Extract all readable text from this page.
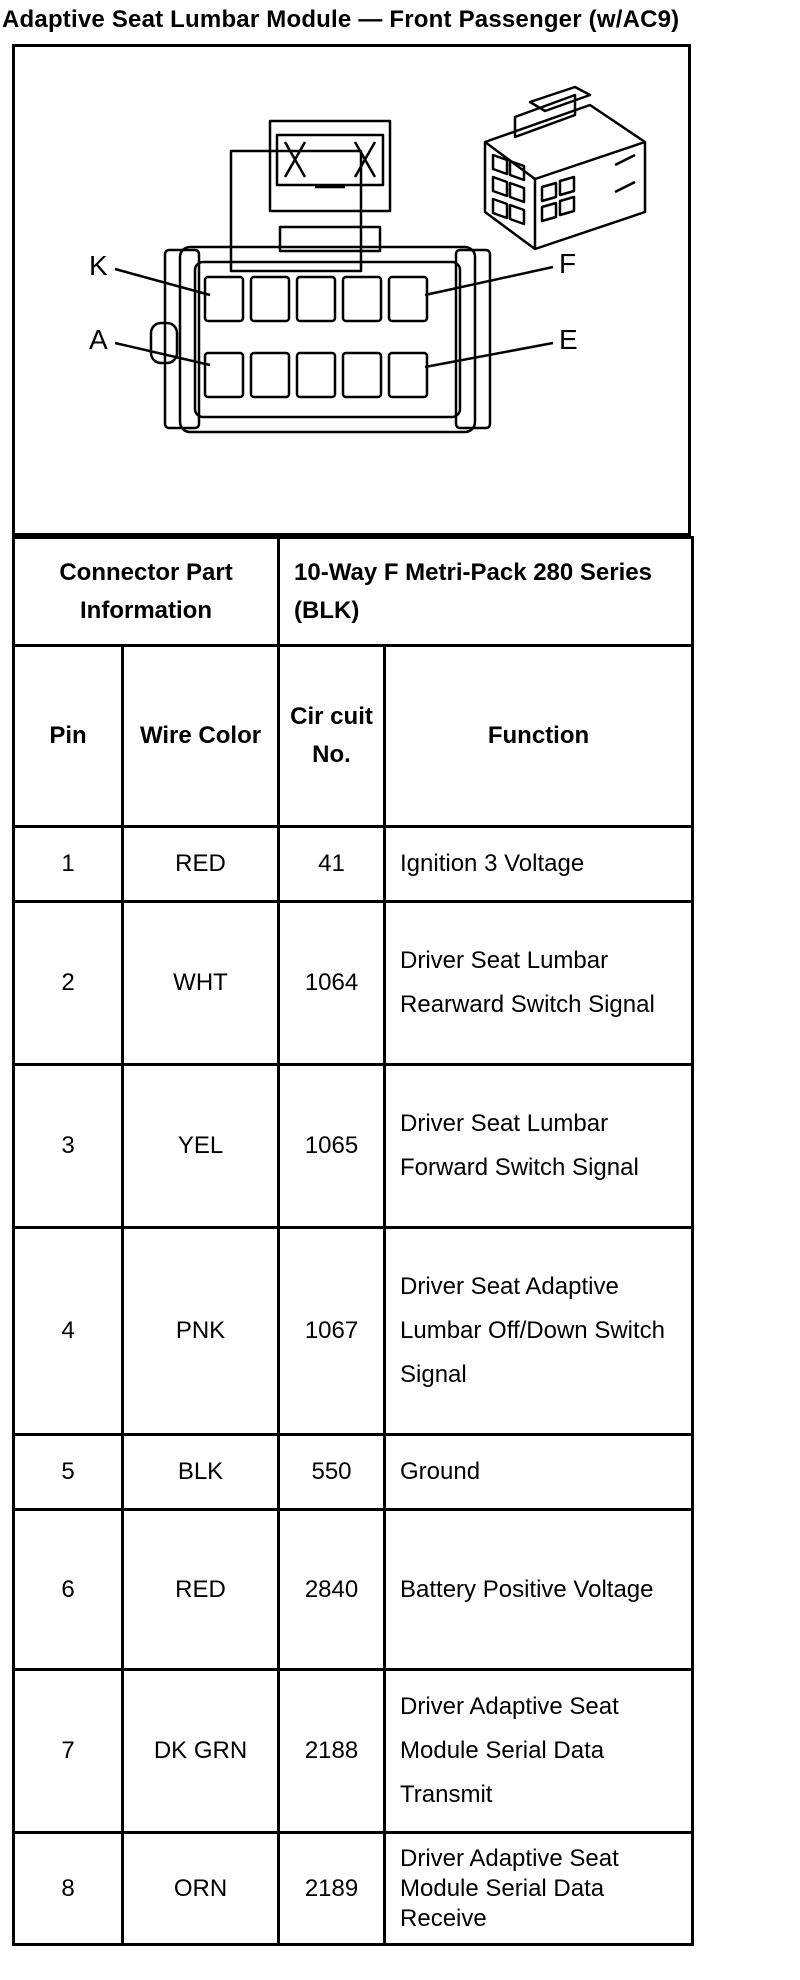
Adaptive Seat Lumbar Module — Front Passenger (w/AC9)
K
A
F
E
Connector Part Information		10-Way F Metri-Pack 280 Series (BLK)	
Pin	Wire Color	Cir cuit No.	Function
1	RED	41	Ignition 3 Voltage
2	WHT	1064	Driver Seat Lumbar Rearward Switch Signal
3	YEL	1065	Driver Seat Lumbar Forward Switch Signal
4	PNK	1067	Driver Seat Adaptive Lumbar Off/Down Switch Signal
5	BLK	550	Ground
6	RED	2840	Battery Positive Voltage
7	DK GRN	2188	Driver Adaptive Seat Module Serial Data Transmit
8	ORN	2189	Driver Adaptive Seat Module Serial Data Receive
